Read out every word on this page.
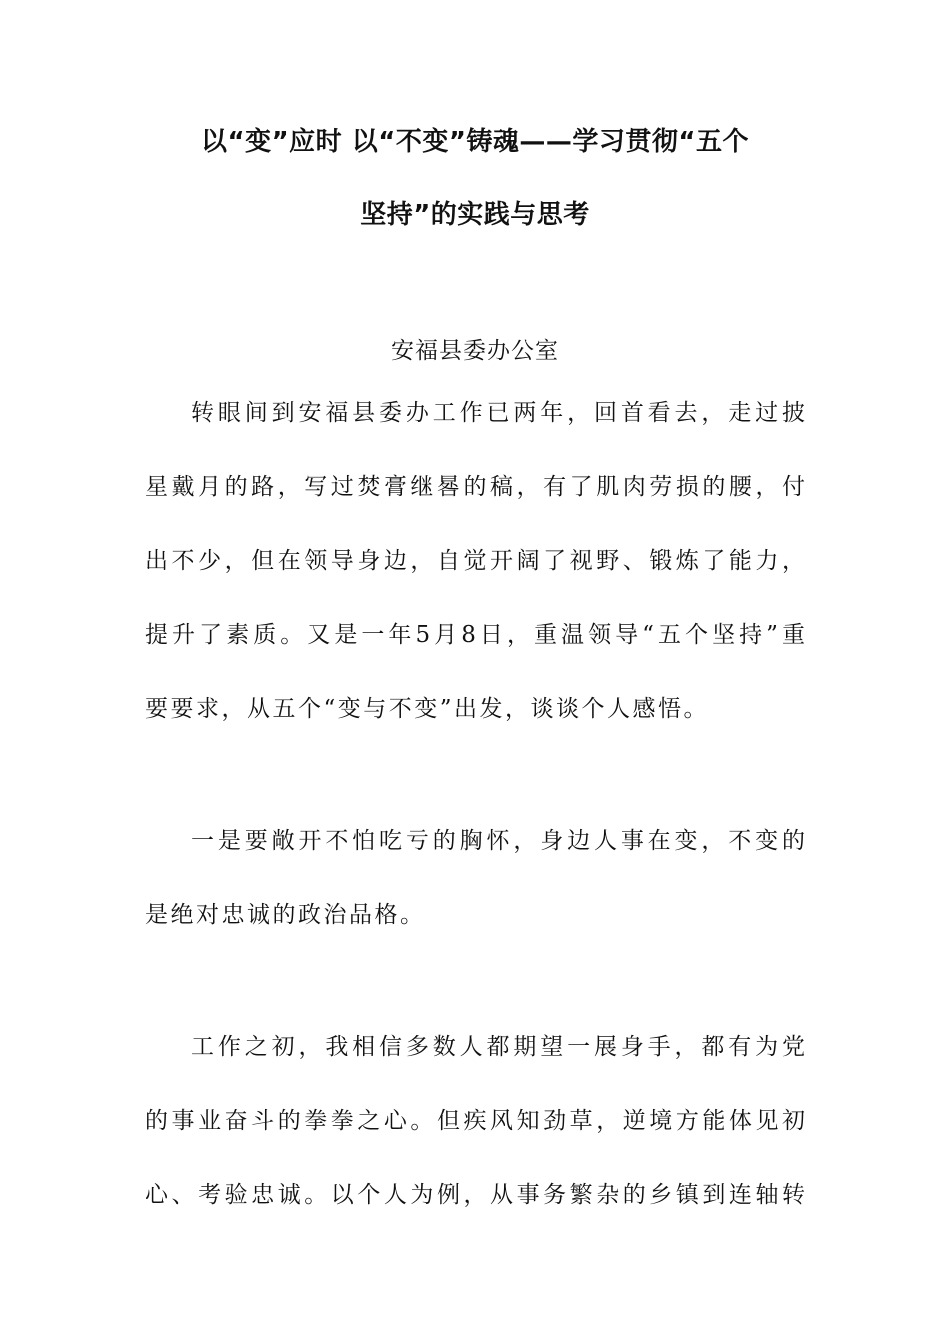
以“变”应时 以“不变”铸魂——学习贯彻“五个
坚持”的实践与思考
安福县委办公室
转眼间到安福县委办工作已两年，回首看去，走过披
星戴月的路，写过焚膏继晷的稿，有了肌肉劳损的腰，付
出不少，但在领导身边，自觉开阔了视野、锻炼了能力，
提升了素质。又是一年5月8日，重温领导“五个坚持”重
要要求，从五个“变与不变”出发，谈谈个人感悟。
一是要敞开不怕吃亏的胸怀，身边人事在变，不变的
是绝对忠诚的政治品格。
工作之初，我相信多数人都期望一展身手，都有为党
的事业奋斗的拳拳之心。但疾风知劲草，逆境方能体见初
心、考验忠诚。以个人为例，从事务繁杂的乡镇到连轴转
